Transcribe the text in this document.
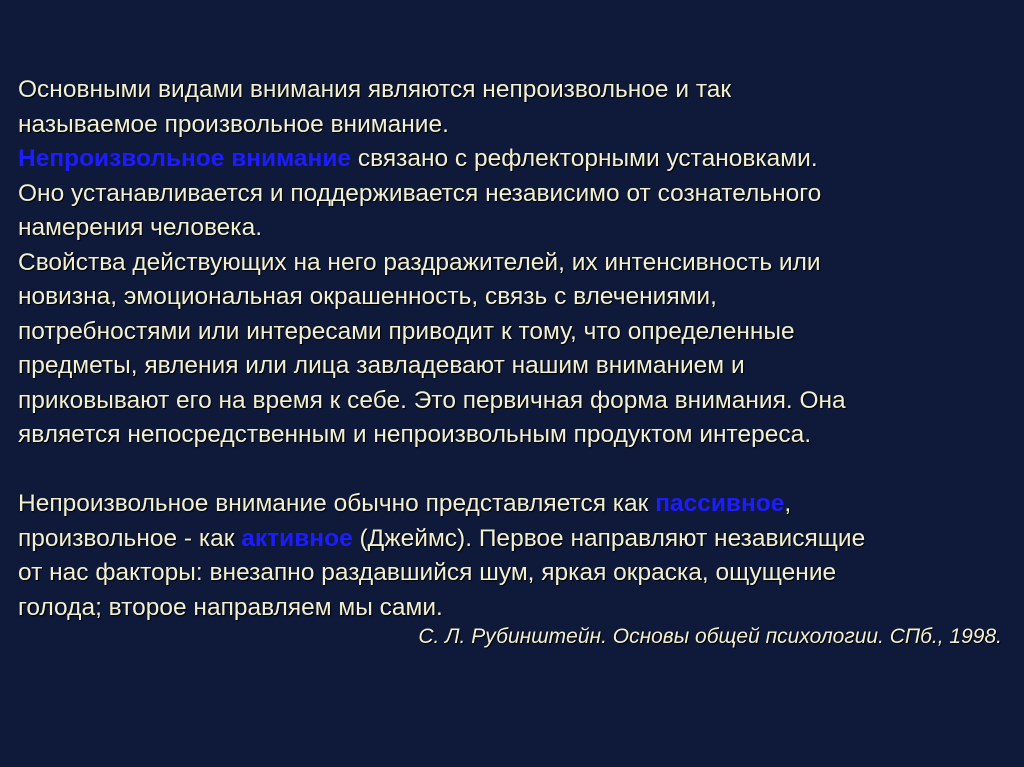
Основными видами внимания являются непроизвольное и так
называемое произвольное внимание.

Непроизвольное внимание связано с рефлекторными установками.
Оно устанавливается и поддерживается независимо от сознательного
намерения человека.

Свойства действующих на него раздражителей, их интенсивность или
новизна, эмоциональная окрашенность, связь с влечениями,
потребностями или интересами приводит к тому, что определенные
предметы, явления или лица завладевают нашим вниманием и
приковывают его на время к себе. Это первичная форма внимания. Она
является непосредственным и непроизвольным продуктом интереса.

Непроизвольное внимание обычно представляется как пассивное,
произвольное - как активное (Джеймс). Первое направляют независящие
от нас факторы: внезапно раздавшийся шум, яркая окраска, ощущение
голода; второе направляем мы сами.

С. Л. Рубинштейн. Основы общей психологии. СПб., 1998.
